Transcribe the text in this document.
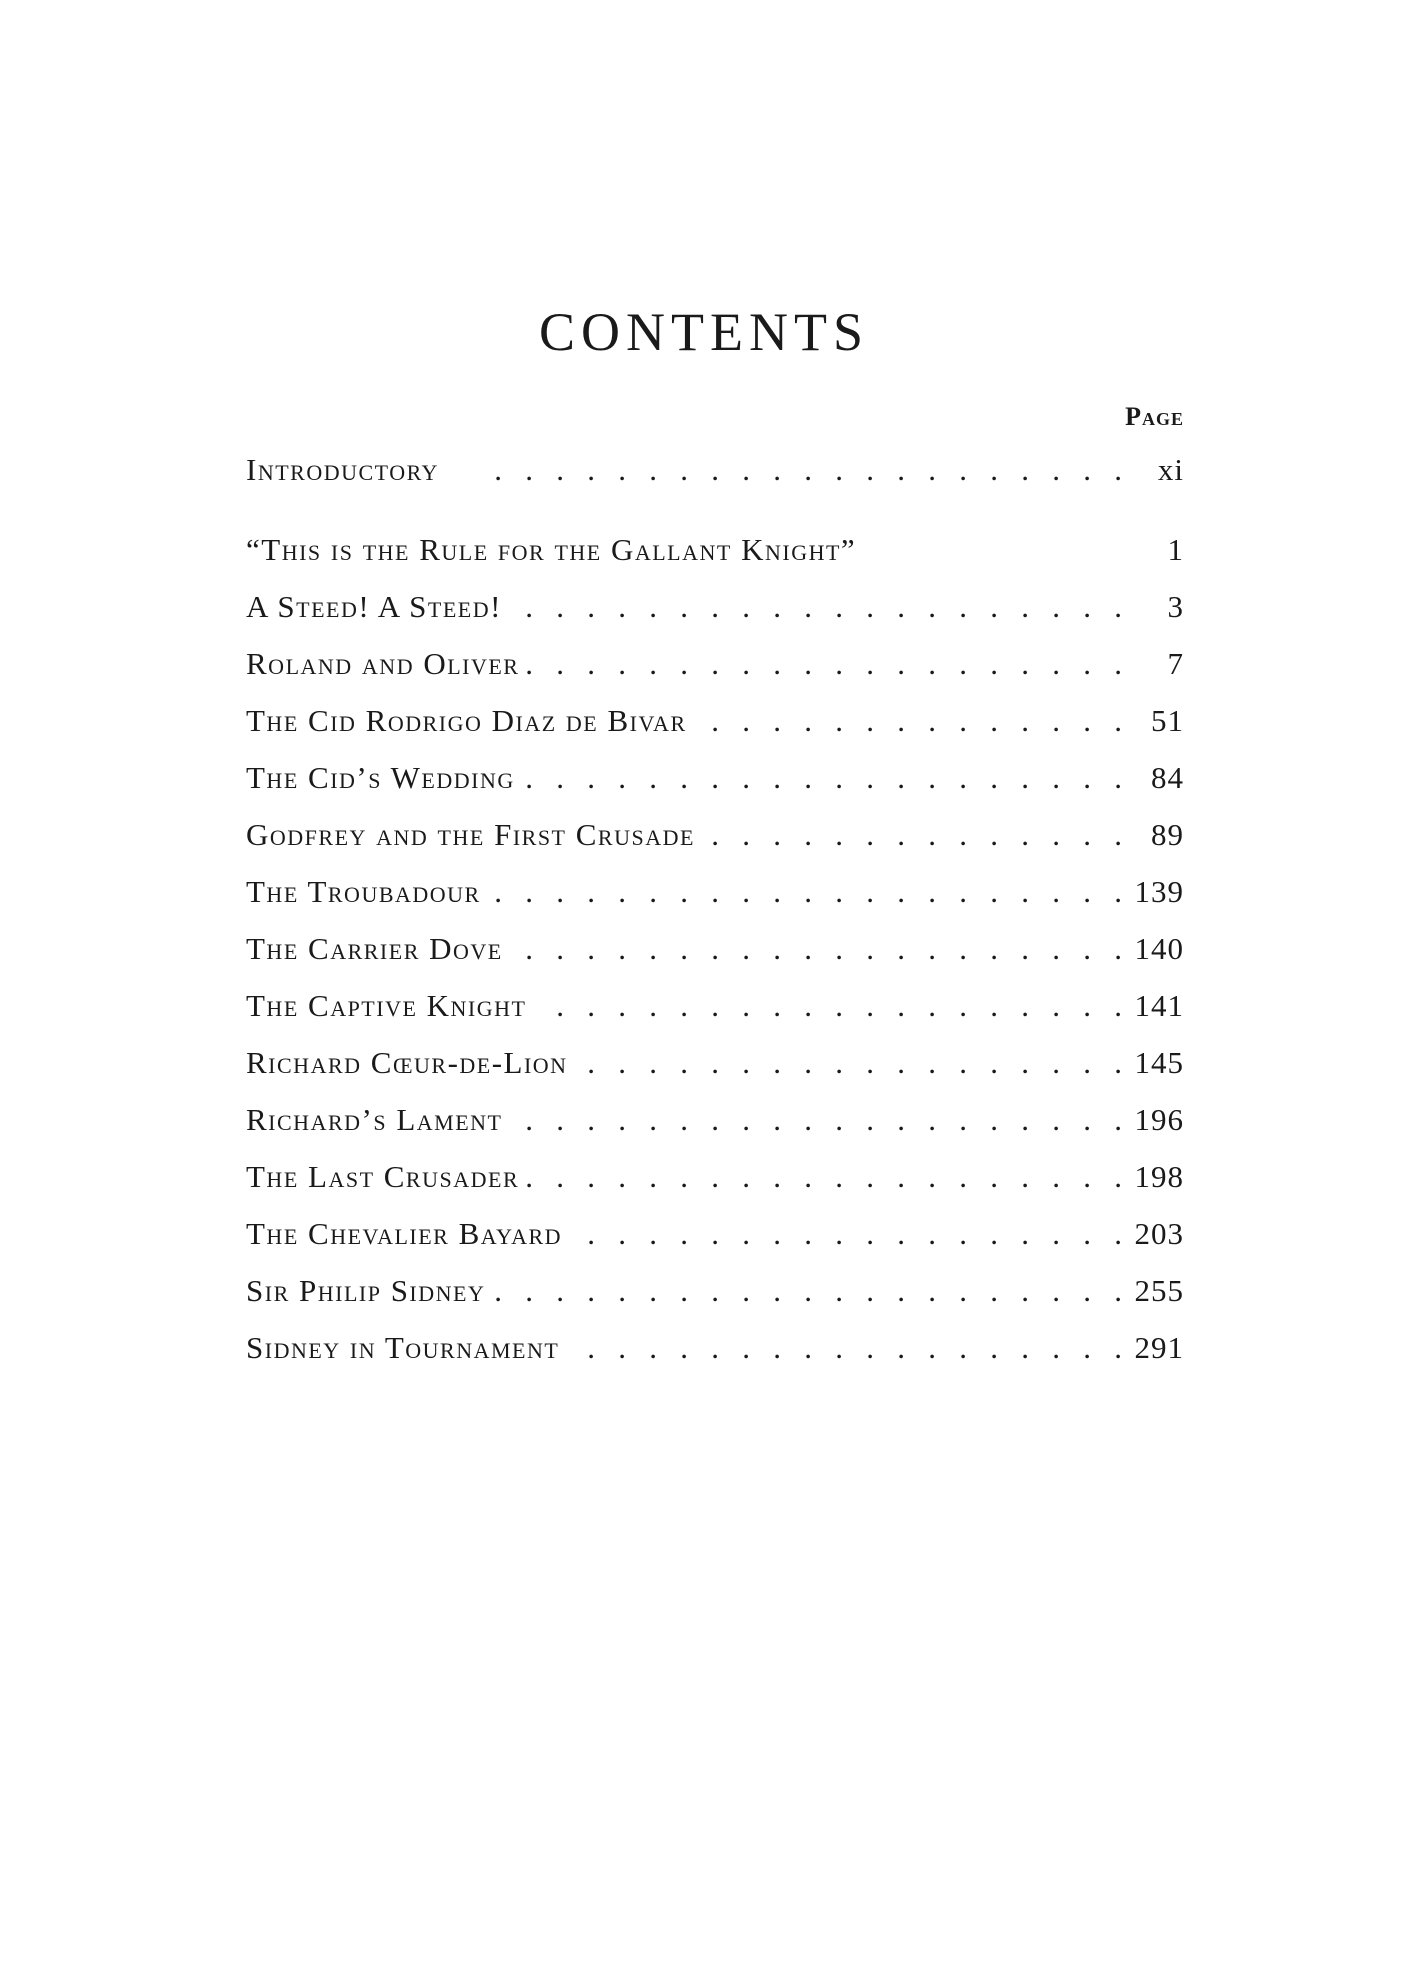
CONTENTS
Page
Introductory .   .	xi
“This is the Rule for the Gallant Knight”	1
A Steed! A Steed! .   .	3
Roland and Oliver .   .	7
The Cid Rodrigo Diaz de Bivar .   .	51
The Cid’s Wedding .   .	84
Godfrey and the First Crusade .   .	89
The Troubadour .   .	139
The Carrier Dove .   .	140
The Captive Knight .   .	141
Richard Cœur-de-Lion .   .	145
Richard’s Lament .   .	196
The Last Crusader .   .	198
The Chevalier Bayard .   .	203
Sir Philip Sidney .   .	255
Sidney in Tournament .   .	291
